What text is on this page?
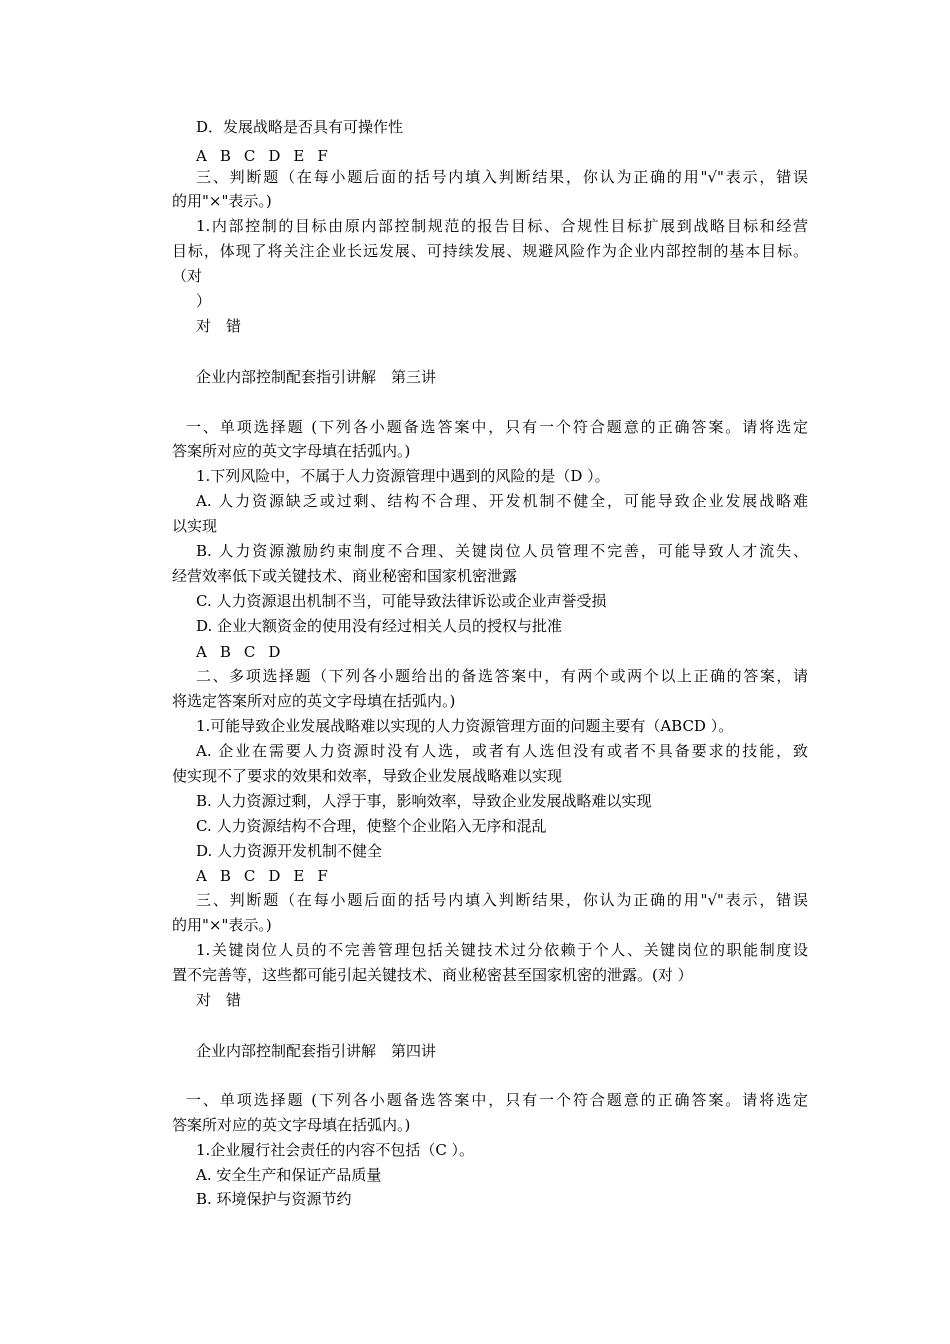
D．发展战略是否具有可操作性
A B C D E F
三、判断题（在每小题后面的括号内填入判断结果，你认为正确的用"√"表示，错误
的用"×"表示。)
1.内部控制的目标由原内部控制规范的报告目标、合规性目标扩展到战略目标和经营
目标，体现了将关注企业长远发展、可持续发展、规避风险作为企业内部控制的基本目标。
（对
）
对　错
企业内部控制配套指引讲解　第三讲
一、单项选择题 (下列各小题备选答案中，只有一个符合题意的正确答案。请将选定
答案所对应的英文字母填在括弧内。)
1.下列风险中，不属于人力资源管理中遇到的风险的是（D ）。
A. 人力资源缺乏或过剩、结构不合理、开发机制不健全，可能导致企业发展战略难
以实现
B. 人力资源激励约束制度不合理、关键岗位人员管理不完善，可能导致人才流失、
经营效率低下或关键技术、商业秘密和国家机密泄露
C. 人力资源退出机制不当，可能导致法律诉讼或企业声誉受损
D. 企业大额资金的使用没有经过相关人员的授权与批准
A B C D
二、多项选择题（下列各小题给出的备选答案中，有两个或两个以上正确的答案，请
将选定答案所对应的英文字母填在括弧内。)
1.可能导致企业发展战略难以实现的人力资源管理方面的问题主要有（ABCD ）。
A. 企业在需要人力资源时没有人选，或者有人选但没有或者不具备要求的技能，致
使实现不了要求的效果和效率，导致企业发展战略难以实现
B. 人力资源过剩，人浮于事，影响效率，导致企业发展战略难以实现
C. 人力资源结构不合理，使整个企业陷入无序和混乱
D. 人力资源开发机制不健全
A B C D E F
三、判断题（在每小题后面的括号内填入判断结果，你认为正确的用"√"表示，错误
的用"×"表示。)
1.关键岗位人员的不完善管理包括关键技术过分依赖于个人、关键岗位的职能制度设
置不完善等，这些都可能引起关键技术、商业秘密甚至国家机密的泄露。(对 ）
对　错
企业内部控制配套指引讲解　第四讲
一、单项选择题 (下列各小题备选答案中，只有一个符合题意的正确答案。请将选定
答案所对应的英文字母填在括弧内。)
1.企业履行社会责任的内容不包括（C ）。
A. 安全生产和保证产品质量
B. 环境保护与资源节约
